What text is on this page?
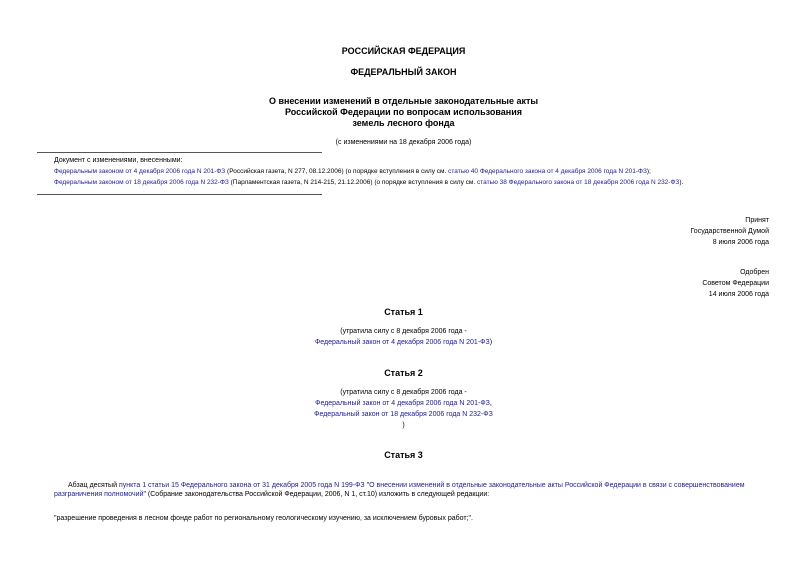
РОССИЙСКАЯ ФЕДЕРАЦИЯ
ФЕДЕРАЛЬНЫЙ ЗАКОН
О внесении изменений в отдельные законодательные акты
Российской Федерации по вопросам использования
земель лесного фонда
(с изменениями на 18 декабря 2006 года)
Документ с изменениями, внесенными:
Федеральным законом от 4 декабря 2006 года N 201-ФЗ (Российская газета, N 277, 08.12.2006) (о порядке вступления в силу см. статью 40 Федерального закона от 4 декабря 2006 года N 201-ФЗ);
Федеральным законом от 18 декабря 2006 года N 232-ФЗ (Парламентская газета, N 214-215, 21.12.2006) (о порядке вступления в силу см. статью 38 Федерального закона от 18 декабря 2006 года N 232-ФЗ).
Принят
Государственной Думой
8 июля 2006 года
Одобрен
Советом Федерации
14 июля 2006 года
Статья 1
(утратила силу с 8 декабря 2006 года -
Федеральный закон от 4 декабря 2006 года N 201-ФЗ)
Статья 2
(утратила силу с 8 декабря 2006 года -
Федеральный закон от 4 декабря 2006 года N 201-ФЗ,
Федеральный закон от 18 декабря 2006 года N 232-ФЗ
)
Статья 3
Абзац десятый пункта 1 статьи 15 Федерального закона от 31 декабря 2005 года N 199-ФЗ "О внесении изменений в отдельные законодательные акты Российской Федерации в связи с совершенствованием разграничения полномочий" (Собрание законодательства Российской Федерации, 2006, N 1, ст.10) изложить в следующей редакции:
"разрешение проведения в лесном фонде работ по региональному геологическому изучению, за исключением буровых работ;".
